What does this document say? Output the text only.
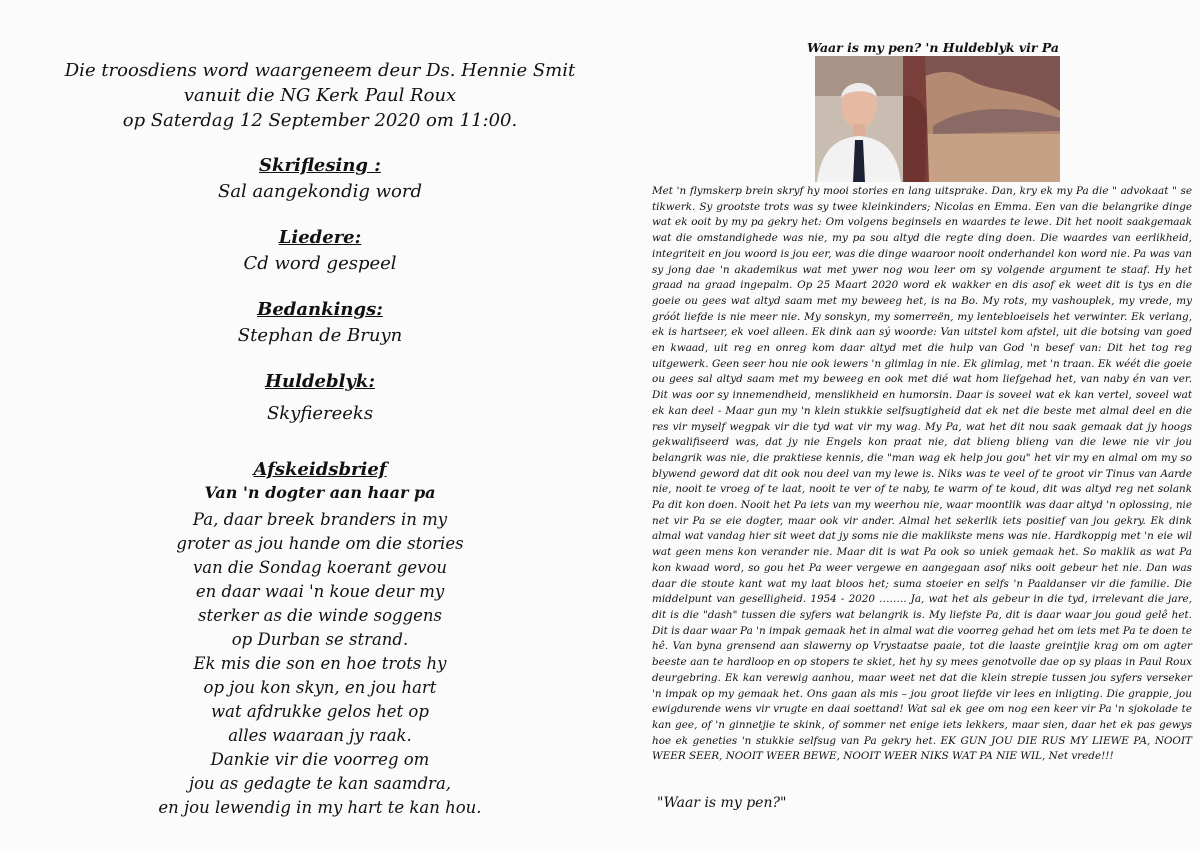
Die troosdiens word waargeneem deur Ds. Hennie Smit
vanuit die NG Kerk Paul Roux
op Saterdag 12 September 2020 om 11:00.
Skriflesing :
Sal aangekondig word
Liedere:
Cd word gespeel
Bedankings:
Stephan de Bruyn
Huldeblyk:
Skyfiereeks
Afskeidsbrief
Van 'n dogter aan haar pa
Pa, daar breek branders in my
groter as jou hande om die stories
van die Sondag koerant gevou
en daar waai 'n koue deur my
sterker as die winde soggens
op Durban se strand.
Ek mis die son en hoe trots hy
op jou kon skyn, en jou hart
wat afdrukke gelos het op
alles waaraan jy raak.
Dankie vir die voorreg om
jou as gedagte te kan saamdra,
en jou lewendig in my hart te kan hou.
Waar is my pen? 'n Huldeblyk vir Pa
Met 'n flymskerp brein skryf hy mooi stories en lang uitsprake. Dan, kry ek my Pa die " advokaat " se tikwerk. Sy grootste trots was sy twee kleinkinders; Nicolas en Emma. Een van die belangrike dinge wat ek ooit by my pa gekry het: Om volgens beginsels en waardes te lewe. Dit het nooit saakgemaak wat die omstandighede was nie, my pa sou altyd die regte ding doen. Die waardes van eerlikheid, integriteit en jou woord is jou eer, was die dinge waaroor nooit onderhandel kon word nie. Pa was van sy jong dae 'n akademikus wat met ywer nog wou leer om sy volgende argument te staaf. Hy het graad na graad ingepalm. Op 25 Maart 2020 word ek wakker en dis asof ek weet dit is tys en die goeie ou gees wat altyd saam met my beweeg het, is na Bo. My rots, my vashouplek, my vrede, my gróót liefde is nie meer nie. My sonskyn, my somerreën, my lentebloeisels het verwinter. Ek verlang, ek is hartseer, ek voel alleen. Ek dink aan sý woorde: Van uitstel kom afstel, uit die botsing van goed en kwaad, uit reg en onreg kom daar altyd met die hulp van God 'n besef van: Dit het tog reg uitgewerk. Geen seer hou nie ook iewers 'n glimlag in nie. Ek glimlag, met 'n traan. Ek wéét die goeie ou gees sal altyd saam met my beweeg en ook met dié wat hom liefgehad het, van naby én van ver. Dit was oor sy innemendheid, menslikheid en humorsin. Daar is soveel wat ek kan vertel, soveel wat ek kan deel - Maar gun my 'n klein stukkie selfsugtigheid dat ek net die beste met almal deel en die res vir myself wegpak vir die tyd wat vir my wag. My Pa, wat het dit nou saak gemaak dat jy hoogs gekwalifiseerd was, dat jy nie Engels kon praat nie, dat blieng blieng van die lewe nie vir jou belangrik was nie, die praktiese kennis, die "man wag ek help jou gou" het vir my en almal om my so blywend geword dat dit ook nou deel van my lewe is. Niks was te veel of te groot vir Tinus van Aarde nie, nooit te vroeg of te laat, nooit te ver of te naby, te warm of te koud, dit was altyd reg net solank Pa dit kon doen. Nooit het Pa iets van my weerhou nie, waar moontlik was daar altyd 'n oplossing, nie net vir Pa se eie dogter, maar ook vir ander. Almal het sekerlik iets positief van jou gekry. Ek dink almal wat vandag hier sit weet dat jy soms nie die maklikste mens was nie. Hardkoppig met 'n eie wil wat geen mens kon verander nie. Maar dit is wat Pa ook so uniek gemaak het. So maklik as wat Pa kon kwaad word, so gou het Pa weer vergewe en aangegaan asof niks ooit gebeur het nie. Dan was daar die stoute kant wat my laat bloos het; suma stoeier en selfs 'n Paaldanser vir die familie. Die middelpunt van geselligheid. 1954 - 2020 …….. Ja, wat het als gebeur in die tyd, irrelevant die jare, dit is die "dash" tussen die syfers wat belangrik is. My liefste Pa, dit is daar waar jou goud gelê het. Dit is daar waar Pa 'n impak gemaak het in almal wat die voorreg gehad het om iets met Pa te doen te hê. Van byna grensend aan slawerny op Vrystaatse paaie, tot die laaste greintjie krag om om agter beeste aan te hardloop en op stopers te skiet, het hy sy mees genotvolle dae op sy plaas in Paul Roux deurgebring. Ek kan verewig aanhou, maar weet net dat die klein strepie tussen jou syfers verseker 'n impak op my gemaak het. Ons gaan als mis – jou groot liefde vir lees en inligting. Die grappie, jou ewigdurende wens vir vrugte en daai soettand! Wat sal ek gee om nog een keer vir Pa 'n sjokolade te kan gee, of 'n ginnetjie te skink, of sommer net enige iets lekkers, maar sien, daar het ek pas gewys hoe ek geneties 'n stukkie selfsug van Pa gekry het. EK GUN JOU DIE RUS MY LIEWE PA, NOOIT WEER SEER, NOOIT WEER BEWE, NOOIT WEER NIKS WAT PA NIE WIL, Net vrede!!!
"Waar is my pen?"
